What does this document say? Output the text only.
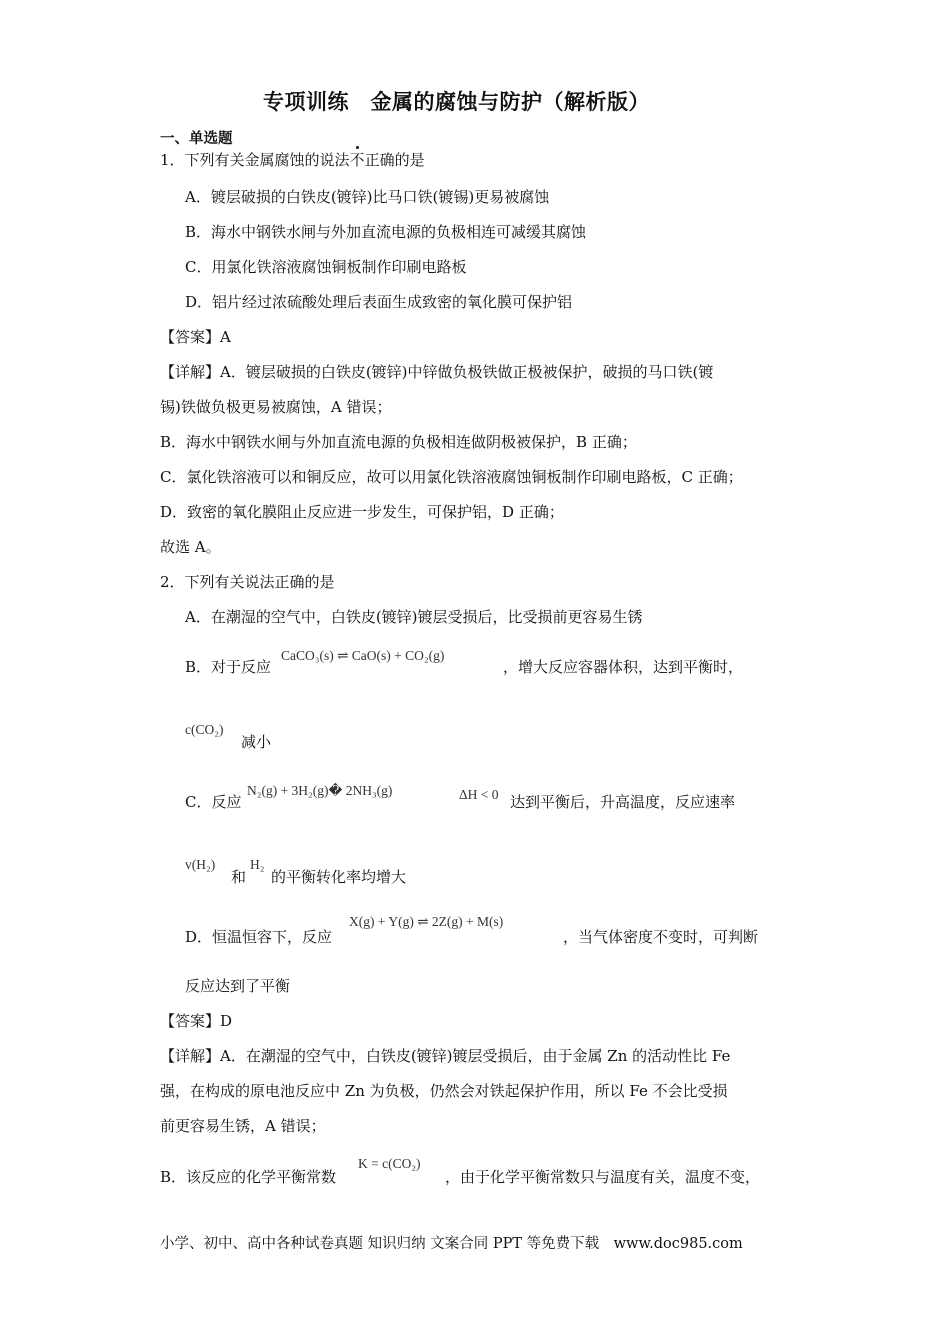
专项训练　金属的腐蚀与防护（解析版）
一、单选题
1．下列有关金属腐蚀的说法
不正确的是
A．镀层破损的白铁皮(镀锌)比马口铁(镀锡)更易被腐蚀
B．海水中钢铁水闸与外加直流电源的负极相连可减缓其腐蚀
C．用氯化铁溶液腐蚀铜板制作印刷电路板
D．铝片经过浓硫酸处理后表面生成致密的氧化膜可保护铝
【答案】A
【详解】A．镀层破损的白铁皮(镀锌)中锌做负极铁做正极被保护，破损的马口铁(镀
锡)铁做负极更易被腐蚀，A 错误；
B．海水中钢铁水闸与外加直流电源的负极相连做阴极被保护，B 正确；
C．氯化铁溶液可以和铜反应，故可以用氯化铁溶液腐蚀铜板制作印刷电路板，C 正确；
D．致密的氧化膜阻止反应进一步发生，可保护铝，D 正确；
故选 A。
2．下列有关说法正确的是
A．在潮湿的空气中，白铁皮(镀锌)镀层受损后，比受损前更容易生锈
B．对于反应
CaCO₃(s) ⇌ CaO(s) + CO₂(g)
，增大反应容器体积，达到平衡时，
c(CO₂)
减小
C．反应
N₂(g) + 3H₂(g)� 2NH₃(g)	ΔH < 0 达到平衡后，升高温度，反应速率
v(H₂)
和
H₂
的平衡转化率均增大
D．恒温恒容下，反应
X(g) + Y(g) ⇌ 2Z(g) + M(s)
，当气体密度不变时，可判断
反应达到了平衡
【答案】D
【详解】A．在潮湿的空气中，白铁皮(镀锌)镀层受损后，由于金属 Zn 的活动性比 Fe
强，在构成的原电池反应中 Zn 为负极，仍然会对铁起保护作用，所以 Fe 不会比受损
前更容易生锈，A 错误；
B．该反应的化学平衡常数
K = c(CO₂)
，由于化学平衡常数只与温度有关，温度不变，
小学、初中、高中各种试卷真题 知识归纳 文案合同 PPT 等免费下载　www.doc985.com
